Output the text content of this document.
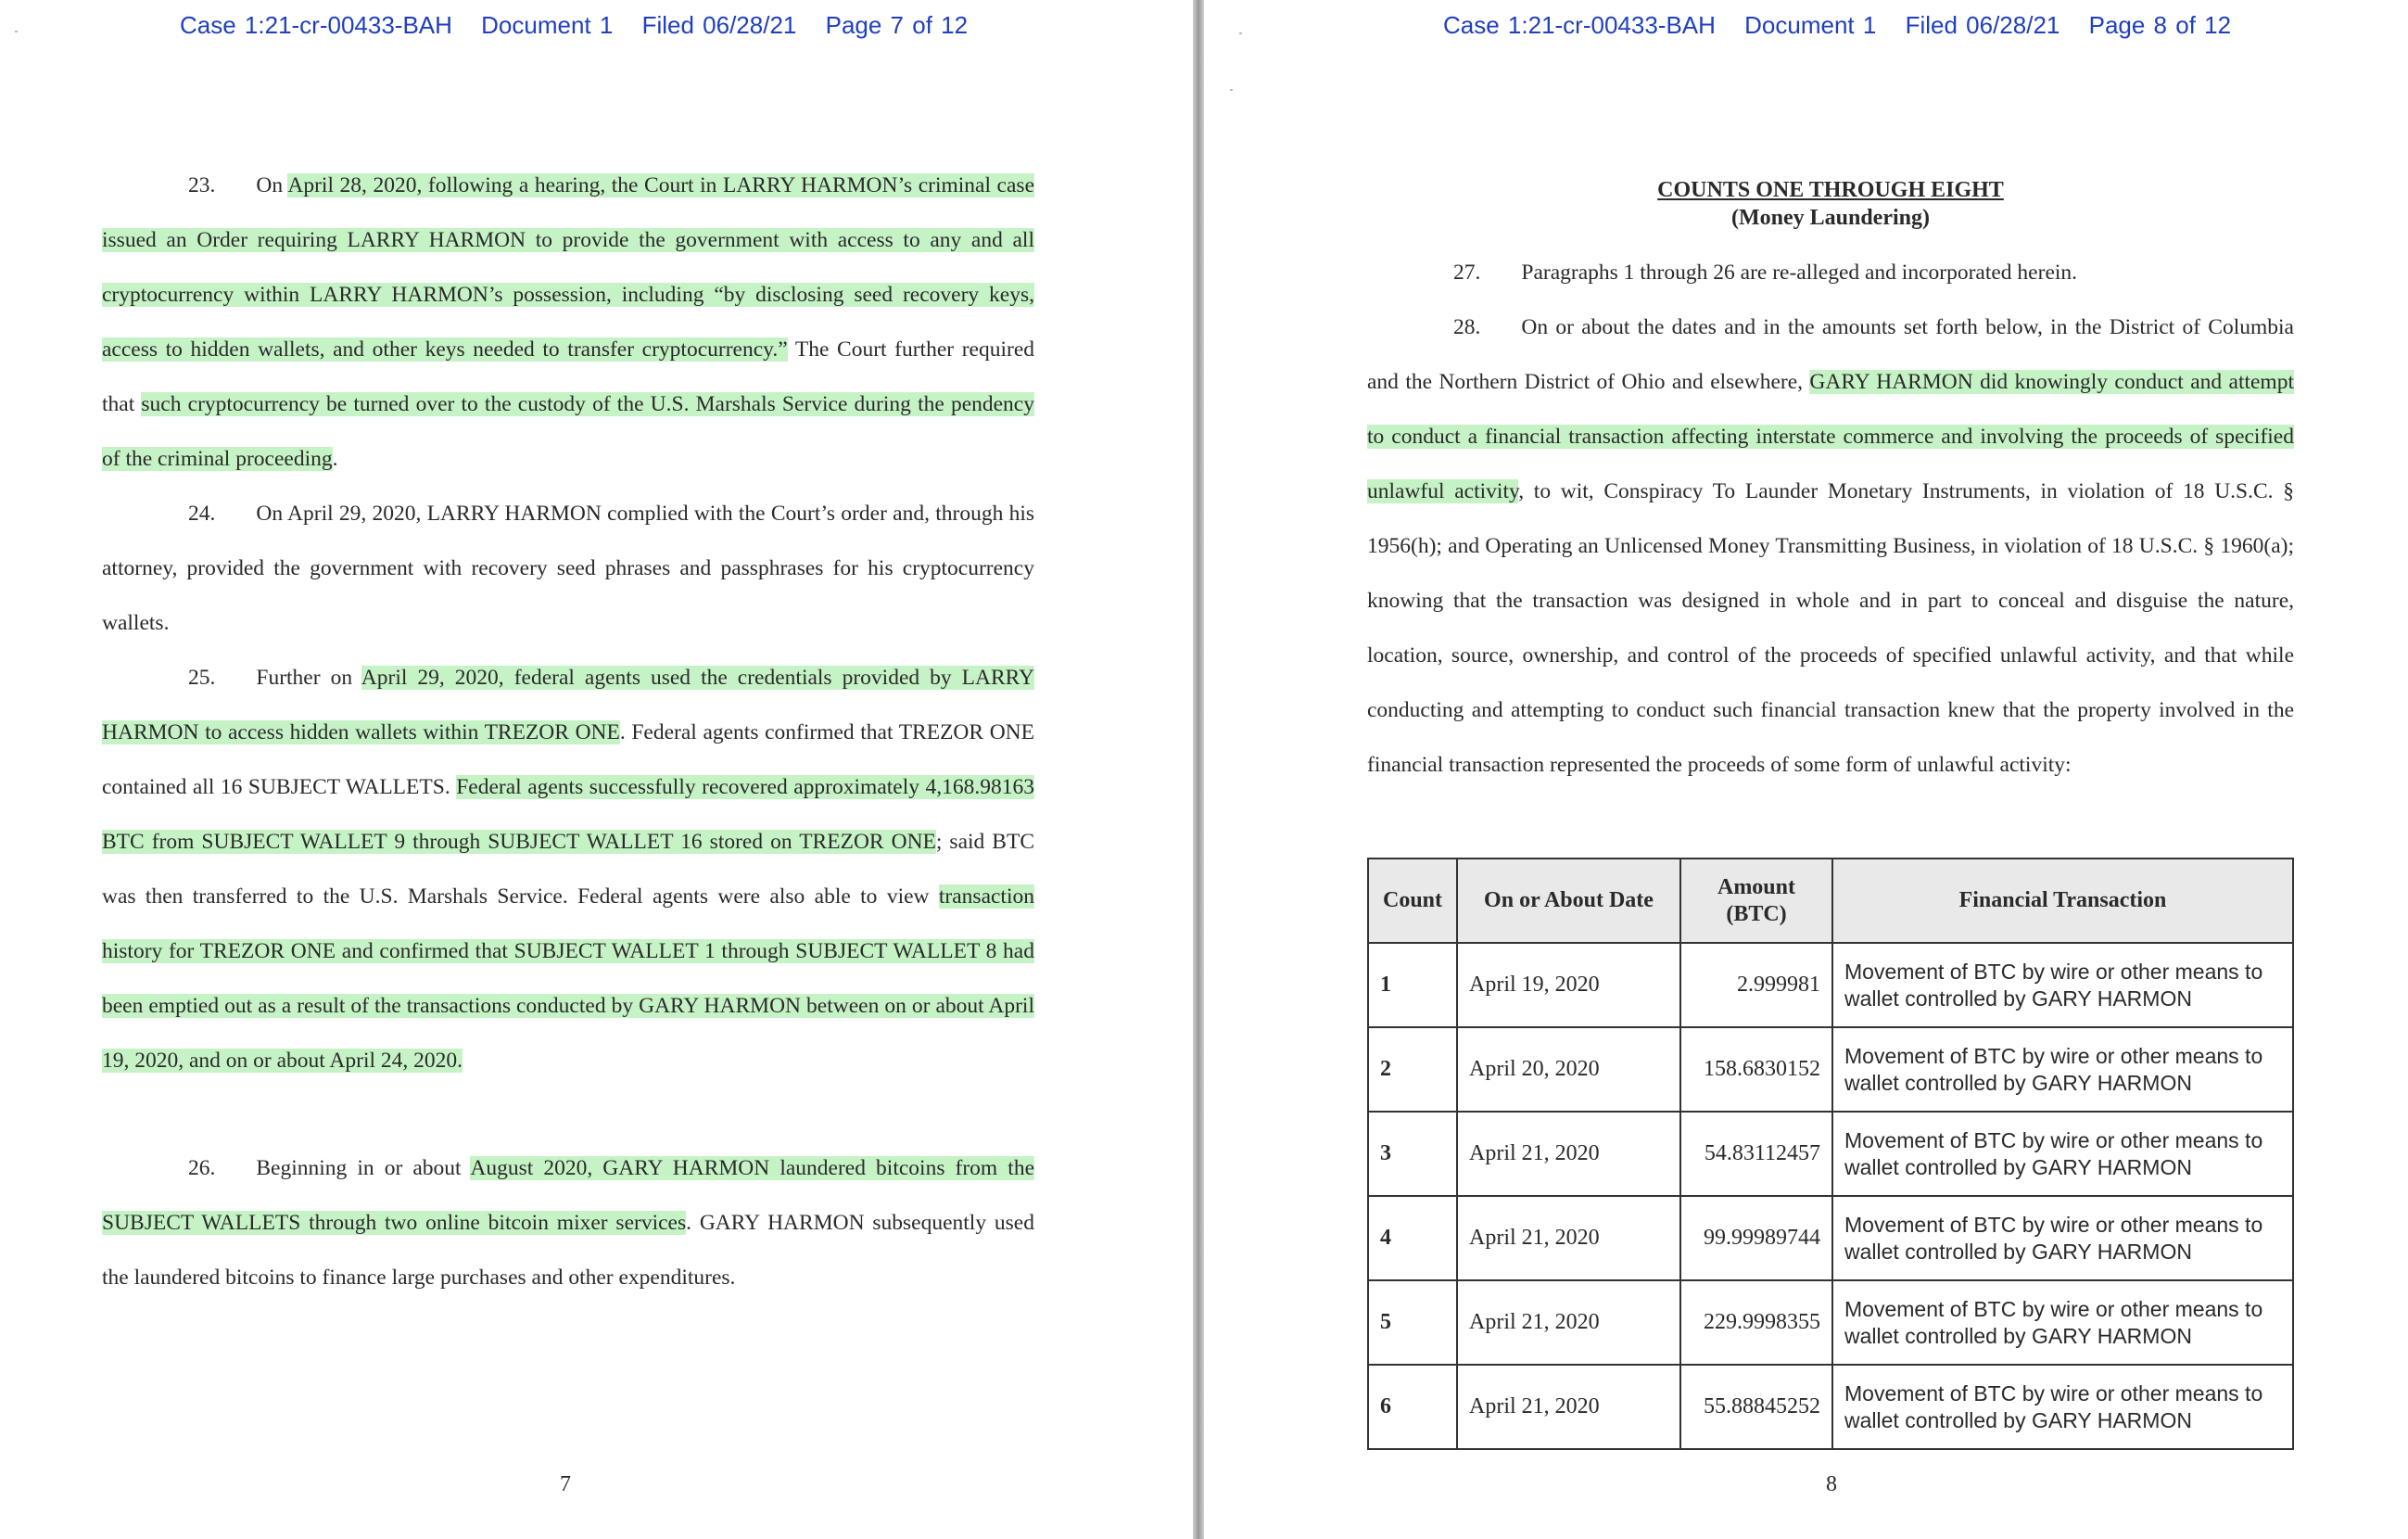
Case 1:21-cr-00433-BAH Document 1 Filed 06/28/21 Page 7 of 12

23. On April 28, 2020, following a hearing, the Court in LARRY HARMON’s criminal case issued an Order requiring LARRY HARMON to provide the government with access to any and all cryptocurrency within LARRY HARMON’s possession, including “by disclosing seed recovery keys, access to hidden wallets, and other keys needed to transfer cryptocurrency.” The Court further required that such cryptocurrency be turned over to the custody of the U.S. Marshals Service during the pendency of the criminal proceeding.

24. On April 29, 2020, LARRY HARMON complied with the Court’s order and, through his attorney, provided the government with recovery seed phrases and passphrases for his cryptocurrency wallets.

25. Further on April 29, 2020, federal agents used the credentials provided by LARRY HARMON to access hidden wallets within TREZOR ONE. Federal agents confirmed that TREZOR ONE contained all 16 SUBJECT WALLETS. Federal agents successfully recovered approximately 4,168.98163 BTC from SUBJECT WALLET 9 through SUBJECT WALLET 16 stored on TREZOR ONE; said BTC was then transferred to the U.S. Marshals Service. Federal agents were also able to view transaction history for TREZOR ONE and confirmed that SUBJECT WALLET 1 through SUBJECT WALLET 8 had been emptied out as a result of the transactions conducted by GARY HARMON between on or about April 19, 2020, and on or about April 24, 2020.

26. Beginning in or about August 2020, GARY HARMON laundered bitcoins from the SUBJECT WALLETS through two online bitcoin mixer services. GARY HARMON subsequently used the laundered bitcoins to finance large purchases and other expenditures.

7
Case 1:21-cr-00433-BAH Document 1 Filed 06/28/21 Page 8 of 12
COUNTS ONE THROUGH EIGHT
(Money Laundering)

27. Paragraphs 1 through 26 are re-alleged and incorporated herein.

28. On or about the dates and in the amounts set forth below, in the District of Columbia and the Northern District of Ohio and elsewhere, GARY HARMON did knowingly conduct and attempt to conduct a financial transaction affecting interstate commerce and involving the proceeds of specified unlawful activity, to wit, Conspiracy To Launder Monetary Instruments, in violation of 18 U.S.C. § 1956(h); and Operating an Unlicensed Money Transmitting Business, in violation of 18 U.S.C. § 1960(a); knowing that the transaction was designed in whole and in part to conceal and disguise the nature, location, source, ownership, and control of the proceeds of specified unlawful activity, and that while conducting and attempting to conduct such financial transaction knew that the property involved in the financial transaction represented the proceeds of some form of unlawful activity:

Count	On or About Date	Amount
(BTC)	Financial Transaction
1	April 19, 2020	2.999981	Movement of BTC by wire or other means to
wallet controlled by GARY HARMON
2	April 20, 2020	158.6830152	Movement of BTC by wire or other means to
wallet controlled by GARY HARMON
3	April 21, 2020	54.83112457	Movement of BTC by wire or other means to
wallet controlled by GARY HARMON
4	April 21, 2020	99.99989744	Movement of BTC by wire or other means to
wallet controlled by GARY HARMON
5	April 21, 2020	229.9998355	Movement of BTC by wire or other means to
wallet controlled by GARY HARMON
6	April 21, 2020	55.88845252	Movement of BTC by wire or other means to
wallet controlled by GARY HARMON
8
